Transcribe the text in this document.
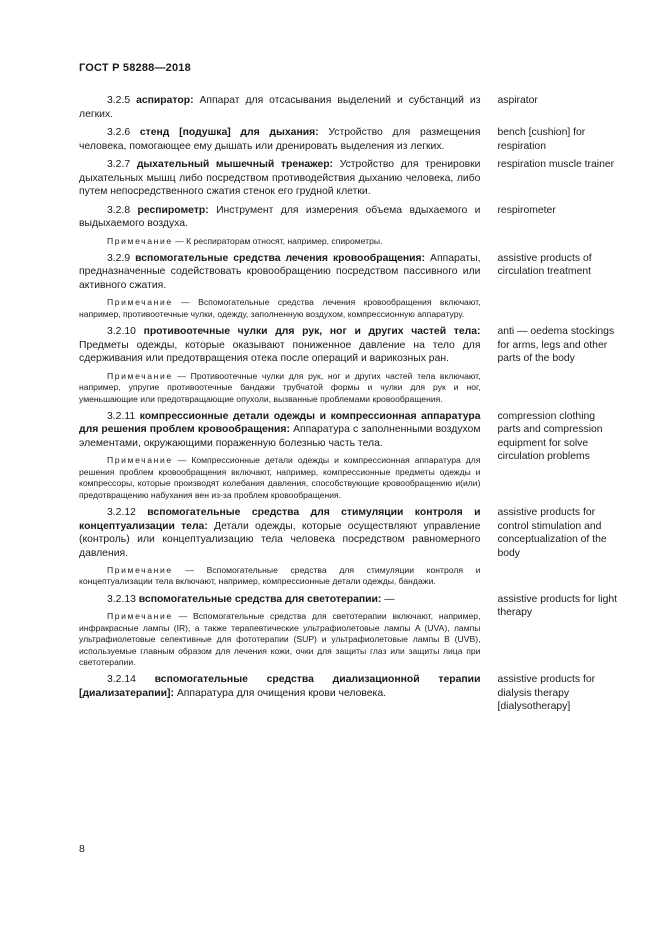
ГОСТ Р 58288—2018

3.2.5 аспиратор: Аппарат для отсасывания выделений и субстанций из легких.

aspirator

3.2.6 стенд [подушка] для дыхания: Устройство для размещения человека, помогающее ему дышать или дренировать выделения из легких.

bench [cushion] for respiration

3.2.7 дыхательный мышечный тренажер: Устройство для тренировки дыхательных мышц либо посредством противодействия дыханию человека, либо путем непосредственного сжатия стенок его грудной клетки.

respiration muscle trainer

3.2.8 респирометр: Инструмент для измерения объема вдыхаемого и выдыхаемого воздуха.

Примечание — К респираторам относят, например, спирометры.

respirometer

3.2.9 вспомогательные средства лечения кровообращения: Аппараты, предназначенные содействовать кровообращению посредством пассивного или активного сжатия.

Примечание — Вспомогательные средства лечения кровообращения включают, например, противоотечные чулки, одежду, заполненную воздухом, компрессионную аппаратуру.

assistive products of circulation treatment

3.2.10 противоотечные чулки для рук, ног и других частей тела: Предметы одежды, которые оказывают пониженное давление на тело для сдерживания или предотвращения отека после операций и варикозных ран.

Примечание — Противоотечные чулки для рук, ног и других частей тела включают, например, упругие противоотечные бандажи трубчатой формы и чулки для рук и ног, уменьшающие или предотвращающие опухоли, вызванные проблемами кровообращения.

anti — oedema stockings for arms, legs and other parts of the body

3.2.11 компрессионные детали одежды и компрессионная аппаратура для решения проблем кровообращения: Аппаратура с заполненными воздухом элементами, окружающими пораженную болезнью часть тела.

Примечание — Компрессионные детали одежды и компрессионная аппаратура для решения проблем кровообращения включают, например, компрессионные предметы одежды и компрессоры, которые производят колебания давления, способствующие кровообращению и(или) предотвращению набухания вен из-за проблем кровообращения.

compression clothing parts and compression equipment for solve circulation problems

3.2.12 вспомогательные средства для стимуляции контроля и концептуализации тела: Детали одежды, которые осуществляют управление (контроль) или концептуализацию тела человека посредством равномерного давления.

Примечание — Вспомогательные средства для стимуляции контроля и концептуализации тела включают, например, компрессионные детали одежды, бандажи.

assistive products for control stimulation and conceptualization of the body

3.2.13 вспомогательные средства для светотерапии: —

Примечание — Вспомогательные средства для светотерапии включают, например, инфракрасные лампы (IR), а также терапевтические ультрафиолетовые лампы A (UVA), лампы ультрафиолетовые селективные для фототерапии (SUP) и ультрафиолетовые лампы B (UVB), используемые главным образом для лечения кожи, очки для защиты глаз или защиты лица при светотерапии.

assistive products for light therapy

3.2.14 вспомогательные средства диализационной терапии [диализатерапии]: Аппаратура для очищения крови человека.

assistive products for dialysis therapy [dialysotherapy]
8
